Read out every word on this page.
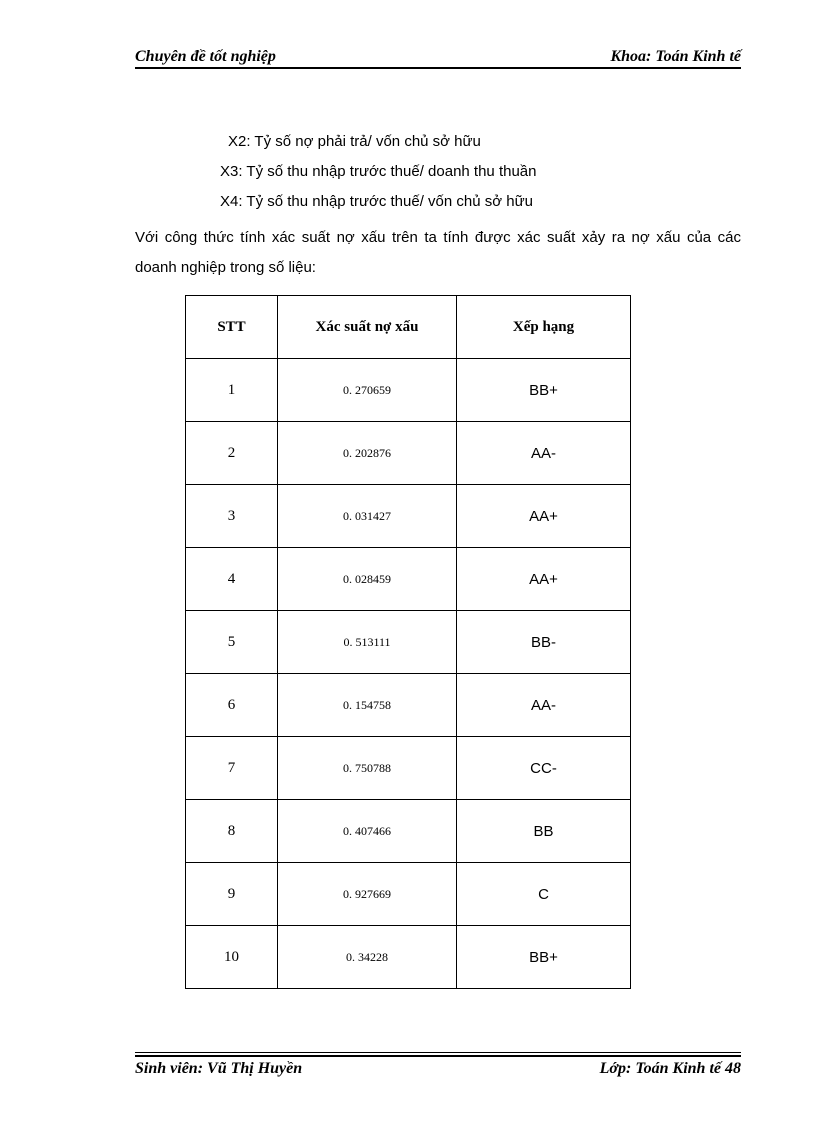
Chuyên đề tốt nghiệp	Khoa: Toán Kinh tế
X2: Tỷ số nợ phải trả/ vốn chủ sở hữu
X3: Tỷ số thu nhập trước thuế/ doanh thu thuần
X4: Tỷ số thu nhập trước thuế/ vốn chủ sở hữu
Với công thức tính xác suất nợ xấu trên ta tính được xác suất xảy ra nợ xấu của các doanh nghiệp trong số liệu:
STT	Xác suất nợ xấu	Xếp hạng
1	0. 270659	BB+
2	0. 202876	AA-
3	0. 031427	AA+
4	0. 028459	AA+
5	0. 513111	BB-
6	0. 154758	AA-
7	0. 750788	CC-
8	0. 407466	BB
9	0. 927669	C
10	0. 34228	BB+
Sinh viên: Vũ Thị Huyền	Lớp: Toán Kinh tế 48
